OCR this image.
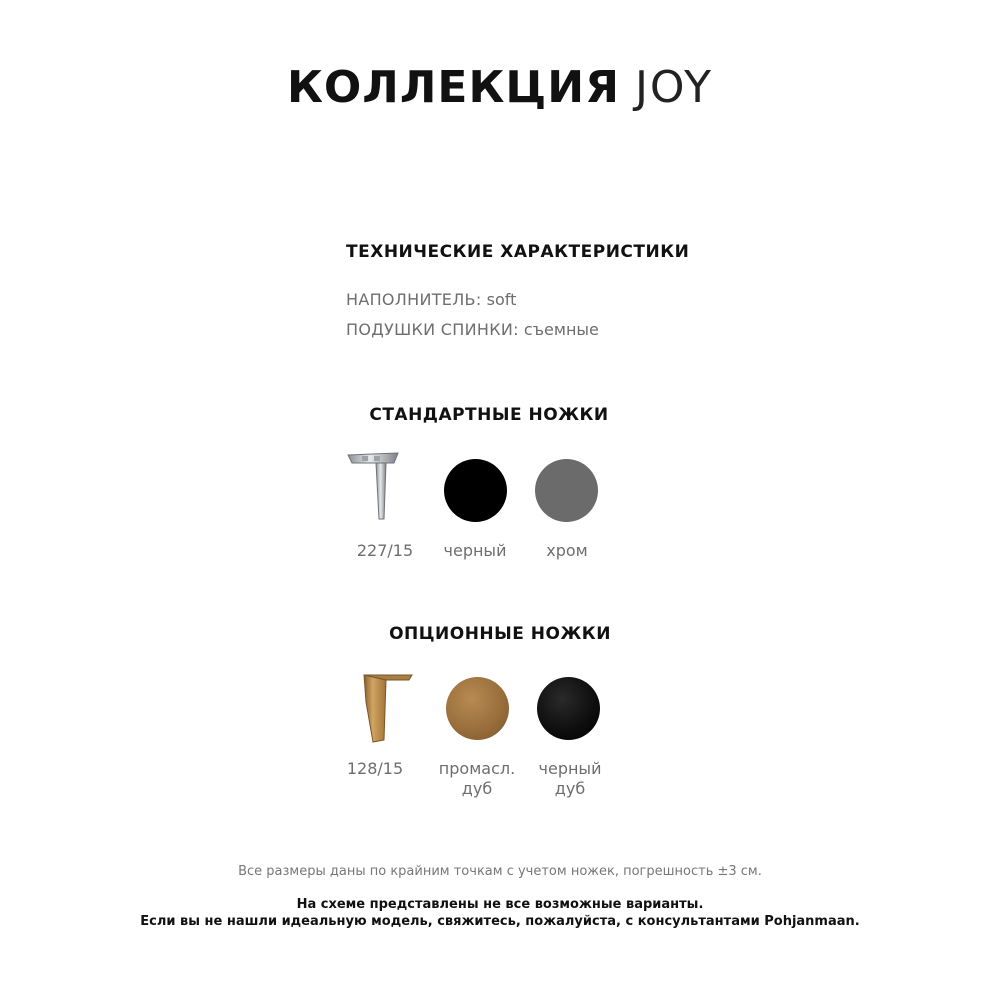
КОЛЛЕКЦИЯ JOY
ТЕХНИЧЕСКИЕ ХАРАКТЕРИСТИКИ
НАПОЛНИТЕЛЬ: soft
ПОДУШКИ СПИНКИ: съемные
СТАНДАРТНЫЕ НОЖКИ
227/15	черный	хром
ОПЦИОННЫЕ НОЖКИ
128/15	промасл. дуб
черный дуб
Все размеры даны по крайним точкам с учетом ножек, погрешность ±3 см.
На схеме представлены не все возможные варианты.
Если вы не нашли идеальную модель, свяжитесь, пожалуйста, с консультантами Pohjanmaan.
